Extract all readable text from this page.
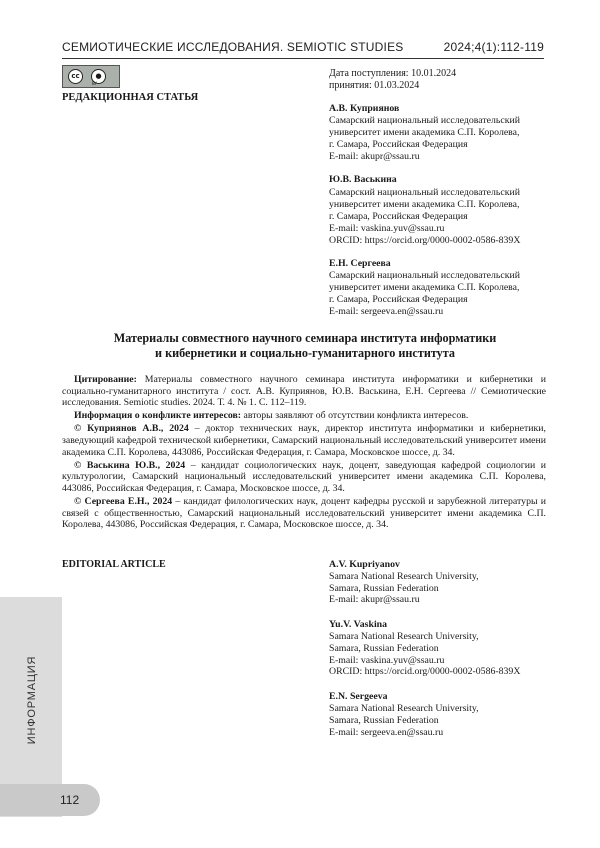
СЕМИОТИЧЕСКИЕ ИССЛЕДОВАНИЯ. SEMIOTIC STUDIES	2024;4(1):112-119
cc	●
BY
РЕДАКЦИОННАЯ СТАТЬЯ
Дата поступления: 10.01.2024
принятия: 01.03.2024
А.В. Куприянов
Самарский национальный исследовательский
университет имени академика С.П. Королева,
г. Самара, Российская Федерация
E-mail: akupr@ssau.ru
Ю.В. Васькина
Самарский национальный исследовательский
университет имени академика С.П. Королева,
г. Самара, Российская Федерация
E-mail: vaskina.yuv@ssau.ru
ORCID: https://orcid.org/0000-0002-0586-839X
Е.Н. Сергеева
Самарский национальный исследовательский
университет имени академика С.П. Королева,
г. Самара, Российская Федерация
E-mail: sergeeva.en@ssau.ru
Материалы совместного научного семинара института информатики
и кибернетики и социально-гуманитарного института

Цитирование: Материалы совместного научного семинара института информатики и кибернетики и социально-гуманитарного института / сост. А.В. Куприянов, Ю.В. Васькина, Е.Н. Сергеева // Семиотические исследования. Semiotic studies. 2024. Т. 4. № 1. С. 112–119.

Информация о конфликте интересов: авторы заявляют об отсутствии конфликта интересов.

© Куприянов А.В., 2024 – доктор технических наук, директор института информатики и кибернетики, заведующий кафедрой технической кибернетики, Самарский национальный исследовательский университет имени академика С.П. Королева, 443086, Российская Федерация, г. Самара, Московское шоссе, д. 34.

© Васькина Ю.В., 2024 – кандидат социологических наук, доцент, заведующая кафедрой социологии и культурологии, Самарский национальный исследовательский университет имени академика С.П. Королева, 443086, Российская Федерация, г. Самара, Московское шоссе, д. 34.

© Сергеева Е.Н., 2024 – кандидат филологических наук, доцент кафедры русской и зарубежной литературы и связей с общественностью, Самарский национальный исследовательский университет имени академика С.П. Королева, 443086, Российская Федерация, г. Самара, Московское шоссе, д. 34.

EDITORIAL ARTICLE	A.V. Kupriyanov
Samara National Research University,
Samara, Russian Federation
E-mail: akupr@ssau.ru
Yu.V. Vaskina
Samara National Research University,
Samara, Russian Federation
E-mail: vaskina.yuv@ssau.ru
ORCID: https://orcid.org/0000-0002-0586-839X
E.N. Sergeeva
Samara National Research University,
Samara, Russian Federation
E-mail: sergeeva.en@ssau.ru
ИНФОРМАЦИЯ
112
